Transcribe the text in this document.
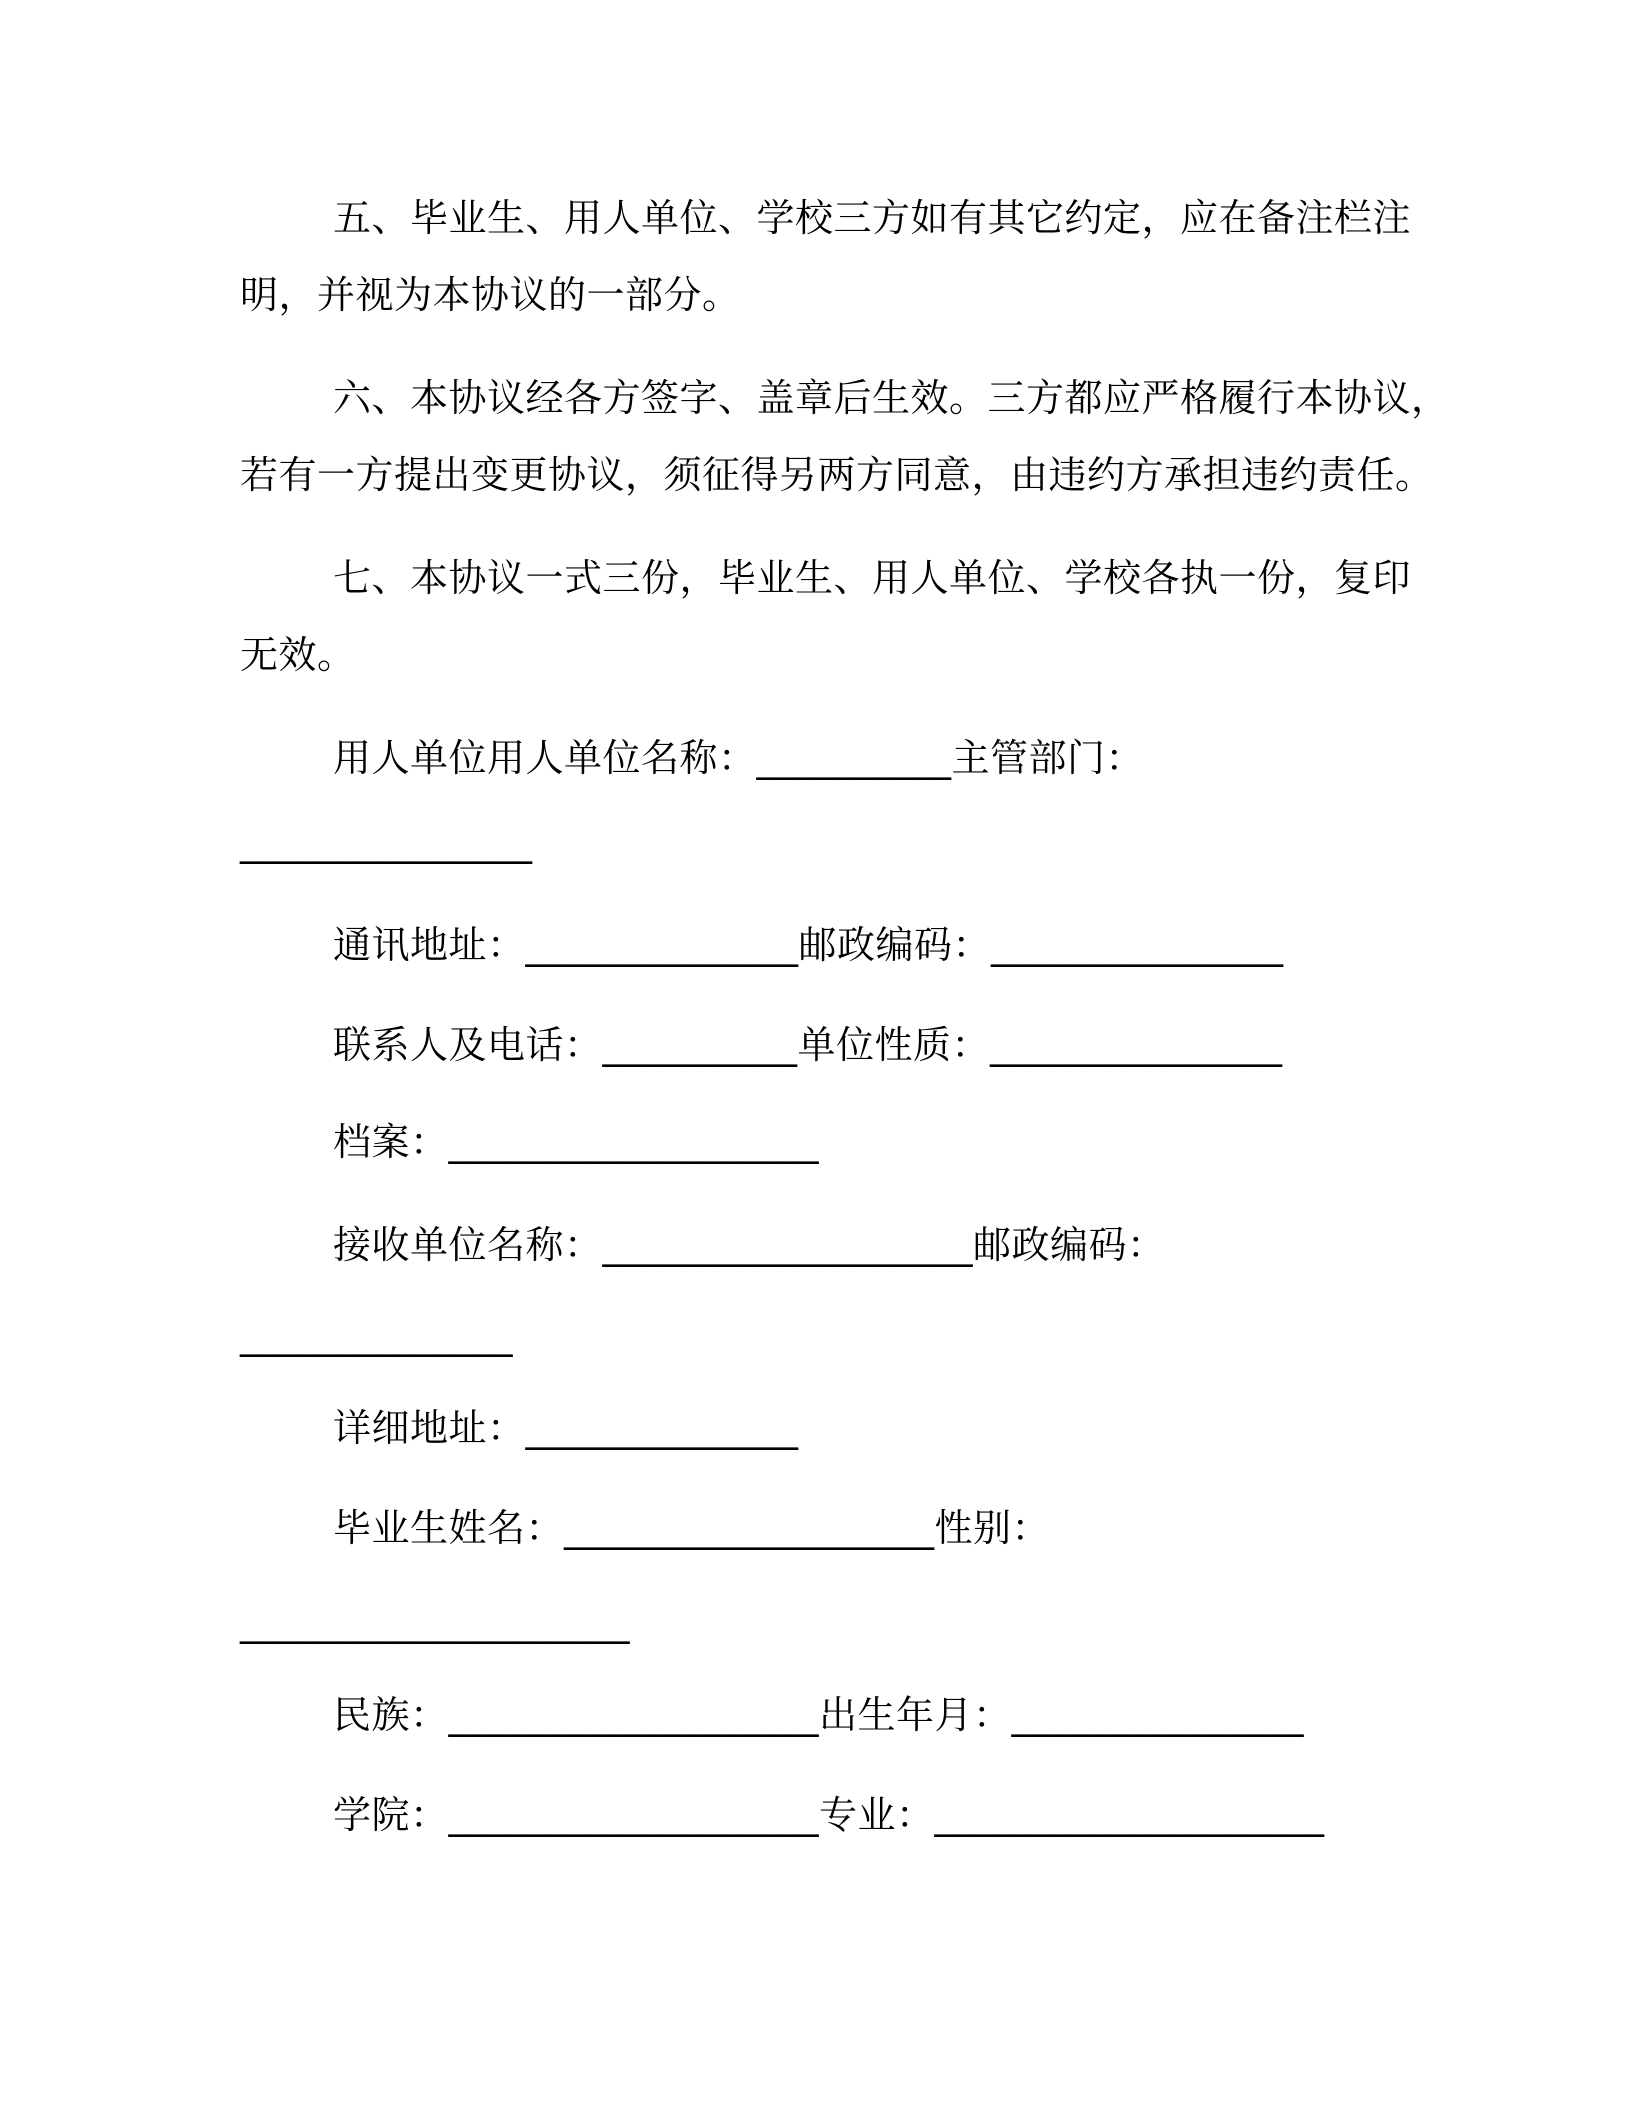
五、毕业生、用人单位、学校三方如有其它约定，应在备注栏注
明，并视为本协议的一部分。
六、本协议经各方签字、盖章后生效。三方都应严格履行本协议，
若有一方提出变更协议，须征得另两方同意，由违约方承担违约责任。
七、本协议一式三份，毕业生、用人单位、学校各执一份，复印
无效。
用人单位用人单位名称：__________主管部门：
_______________
通讯地址：______________邮政编码：_______________
联系人及电话：__________单位性质：_______________
档案：___________________
接收单位名称：___________________邮政编码：
______________
详细地址：______________
毕业生姓名：___________________性别：
____________________
民族：___________________出生年月：_______________
学院：___________________专业：____________________
